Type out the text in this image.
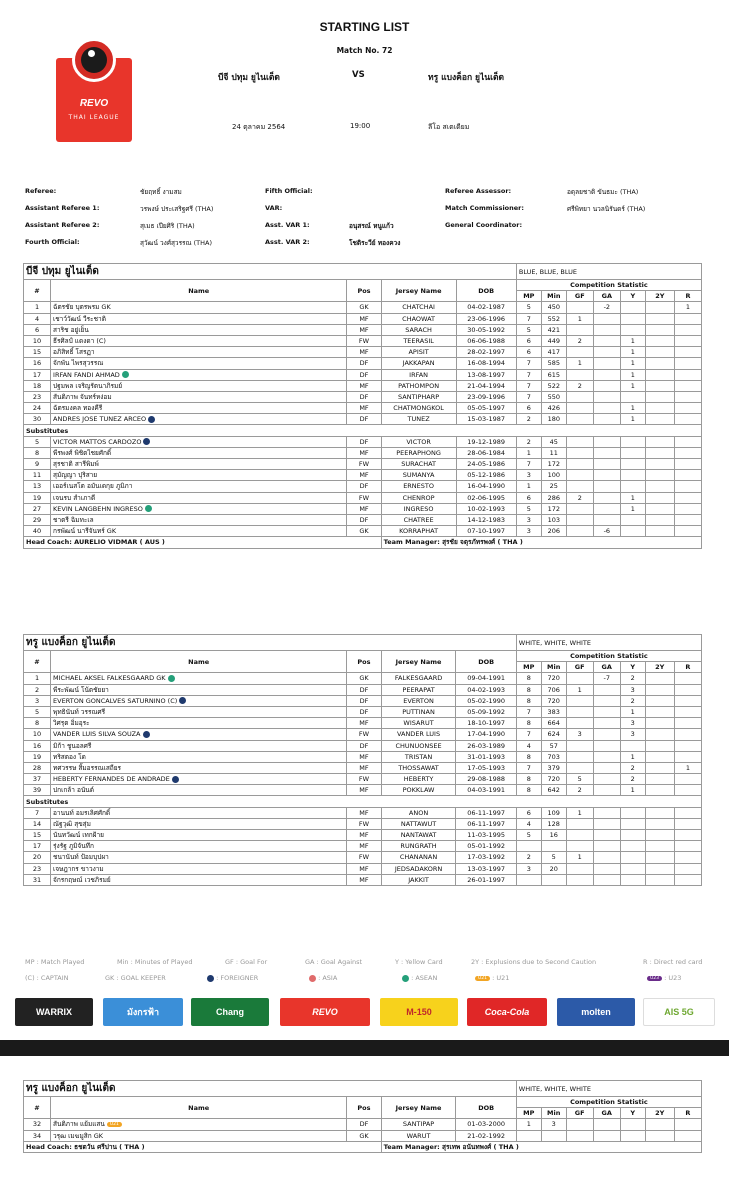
STARTING LIST
Match No. 72
REVO
THAI LEAGUE
บีจี ปทุม ยูไนเต็ด	VS	ทรู แบงค็อก ยูไนเต็ด
24 ตุลาคม 2564	19:00	ลีโอ สเตเดียม
Referee:	ชัยฤทธิ์ งามสม
Assistant Referee 1:	วรพงษ์ ประเสริฐศรี (THA)
Assistant Referee 2:	สุเมธ เปียศิริ (THA)
Fourth Official:	สุวัฒน์ วงศ์สุวรรณ (THA)
Fifth Official:
VAR:
Asst. VAR 1:	อนุสรณ์ หนูแก้ว
Asst. VAR 2:	โชติระวีย์ ทองควง
Referee Assessor:	อดุลยชาติ ขันธมะ (THA)
Match Commissioner:	ศรีพิทยา นวลนิรันดร์ (THA)
General Coordinator:
บีจี ปทุม ยูไนเต็ด					BLUE, BLUE, BLUE						
#	Name	Pos	Jersey Name	DOB	Competition Statistic						
					MP	Min	GF	GA	Y	2Y	R
1	ฉัตรชัย บุตรพรม GK	GK	CHATCHAI	04-02-1987	5	450		-2			1
4	เชาว์วัฒน์ วีระชาติ	MF	CHAOWAT	23-06-1996	7	552	1				
6	สาริช อยู่เย็น	MF	SARACH	30-05-1992	5	421					
10	ธีรศิลป์ แดงดา (C)	FW	TEERASIL	06-06-1988	6	449	2		1		
15	อภิสิทธิ์ โสรฏา	MF	APISIT	28-02-1997	6	417			1		
16	จักพัน ไพรสุวรรณ	DF	JAKKAPAN	16-08-1994	7	585	1		1		
17	IRFAN FANDI AHMAD	DF	IRFAN	13-08-1997	7	615			1		
18	ปฐมพล เจริญรัตนาภิรมย์	MF	PATHOMPON	21-04-1994	7	522	2		1		
23	สันติภาพ จันทร์หง่อม	DF	SANTIPHARP	23-09-1996	7	550					
24	ฉัตรมงคล ทองคีรี	MF	CHATMONGKOL	05-05-1997	6	426			1		
30	ANDRES JOSE TUNEZ ARCEO	DF	TUNEZ	15-03-1987	2	180			1		
Substitutes											
5	VICTOR MATTOS CARDOZO	DF	VICTOR	19-12-1989	2	45					
8	พีรพงศ์ พิชิตไชยศักดิ์	MF	PEERAPHONG	28-06-1984	1	11					
9	สุรชาติ สารีพิมพ์	FW	SURACHAT	24-05-1986	7	172					
11	สุมัญญา ปุริสาย	MF	SUMANYA	05-12-1986	3	100					
13	เออร์เนสโต อมันเดกุย ภูมิภา	DF	ERNESTO	16-04-1990	1	25					
19	เจนรบ สำเภาดี	FW	CHENROP	02-06-1995	6	286	2		1		
27	KEVIN LANGBEHN INGRESO	MF	INGRESO	10-02-1993	5	172			1		
29	ชาตรี ฉิมทะเล	DF	CHATREE	14-12-1983	3	103					
40	กรพัฒน์ นารีจันทร์ GK	GK	KORRAPHAT	07-10-1997	3	206		-6			
Head Coach: AURELIO VIDMAR ( AUS )			Team Manager: สุรชัย จตุรภัทรพงศ์ ( THA )								
ทรู แบงค็อก ยูไนเต็ด					WHITE, WHITE, WHITE						
#	Name	Pos	Jersey Name	DOB	Competition Statistic						
					MP	Min	GF	GA	Y	2Y	R
1	MICHAEL AKSEL FALKESGAARD GK	GK	FALKESGAARD	09-04-1991	8	720		-7	2		
2	พีระพัฒน์ โน้ตชัยยา	DF	PEERAPAT	04-02-1993	8	706	1		3		
3	EVERTON GONCALVES SATURNINO (C)	DF	EVERTON	05-02-1990	8	720			2		
5	พุทธินันท์ วรรณศรี	DF	PUTTINAN	05-09-1992	7	383			1		
8	วิศรุต อิ่มอุระ	MF	WISARUT	18-10-1997	8	664			3		
10	VANDER LUIS SILVA SOUZA	FW	VANDER LUIS	17-04-1990	7	624	3		3		
16	มิก้า ชูนอลศรี	DF	CHUNUONSEE	26-03-1989	4	57					
19	ทริสตอง โด	MF	TRISTAN	31-01-1993	8	703			1		
28	ทศวรรษ สิ้มอรรณเสถียร	MF	THOSSAWAT	17-05-1993	7	379			2		1
37	HEBERTY FERNANDES DE ANDRADE	FW	HEBERTY	29-08-1988	8	720	5		2		
39	ปกเกล้า อนันต์	MF	POKKLAW	04-03-1991	8	642	2		1		
Substitutes											
7	อานนท์ อมรเลิศศักดิ์	MF	ANON	06-11-1997	6	109	1				
14	ณัฐวุฒิ สุขสุ่ม	FW	NATTAWUT	06-11-1997	4	128					
15	นันทวัฒน์ เทกฝ้าย	MF	NANTAWAT	11-03-1995	5	16					
17	รุ่งรัฐ ภูมิจันทึก	MF	RUNGRATH	05-01-1992							
20	ชนานันท์ ป้อมบุปผา	FW	CHANANAN	17-03-1992	2	5	1				
23	เจษฎากร ขาวงาม	MF	JEDSADAKORN	13-03-1997	3	20					
31	จักรกฤษณ์ เวชภิรมย์	MF	JAKKIT	26-01-1997							
MP : Match Played	Min : Minutes of Played	GF : Goal For	GA : Goal Against	Y : Yellow Card	2Y : Explusions due to Second Caution	R : Direct red card
(C) : CAPTAIN	GK : GOAL KEEPER	: FOREIGNER	: ASIA	: ASEAN	U21 : U21	U23 : U23
WARRIX	มังกรฟ้า	Chang	REVO	M-150	Coca-Cola	molten	AIS 5G
ทรู แบงค็อก ยูไนเต็ด					WHITE, WHITE, WHITE						
#	Name	Pos	Jersey Name	DOB	Competition Statistic						
					MP	Min	GF	GA	Y	2Y	R
32	สันติภาพ แย้มแสน U21	DF	SANTIPAP	01-03-2000	1	3					
34	วรุฒ เมฆมูสิก GK	GK	WARUT	21-02-1992							
Head Coach: ธชตวัน ศรีปาน ( THA )			Team Manager: สุรเทพ อนันทพงศ์ ( THA )								
